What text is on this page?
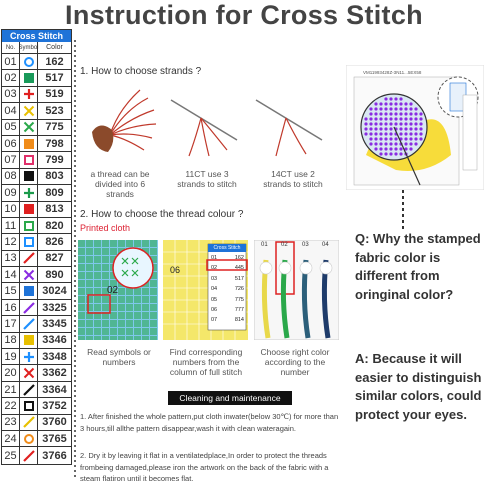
Instruction for Cross Stitch
Cross Stitch
No. Symbol	Color
01	162
02	517
03	519
04	523
05	775
06	798
07	799
08	803
09	809
10	813
11	820
12	826
13	827
14	890
15	3024
16	3325
17	3345
18	3346
19	3348
20	3362
21	3364
22	3752
23	3760
24	3765
25	3766
1. How to choose strands ?
a thread can be divided into 6 strands
11CT use 3 strands to stitch
14CT use 2 strands to stitch
2. How to choose the thread colour ?
Printed cloth
02
06
Cross Stitch
01	162
02	445
03	517
04	726
05	775
06	777
07	814
01 02 03 04
Read symbols or numbers
Find corresponding numbers from the column of full stitch
Choose right color according to the number
VM11993428Z-3N11...5EX58
Q: Why the stamped fabric color is different from oringinal color?
A: Because it will easier to distinguish similar colors, could protect your eyes.
Cleaning and maintenance
1. After finished the whole pattern,put cloth inwater(below 30℃) for more than 3 hours,till allthe pattern disappear,wash it with clean wateragain.
2. Dry it by leaving it flat in a ventilatedplace,In order to protect the threads frombeing damaged,please iron the artwork on the back of the fabric with a steam flatiron until it becomes flat.
